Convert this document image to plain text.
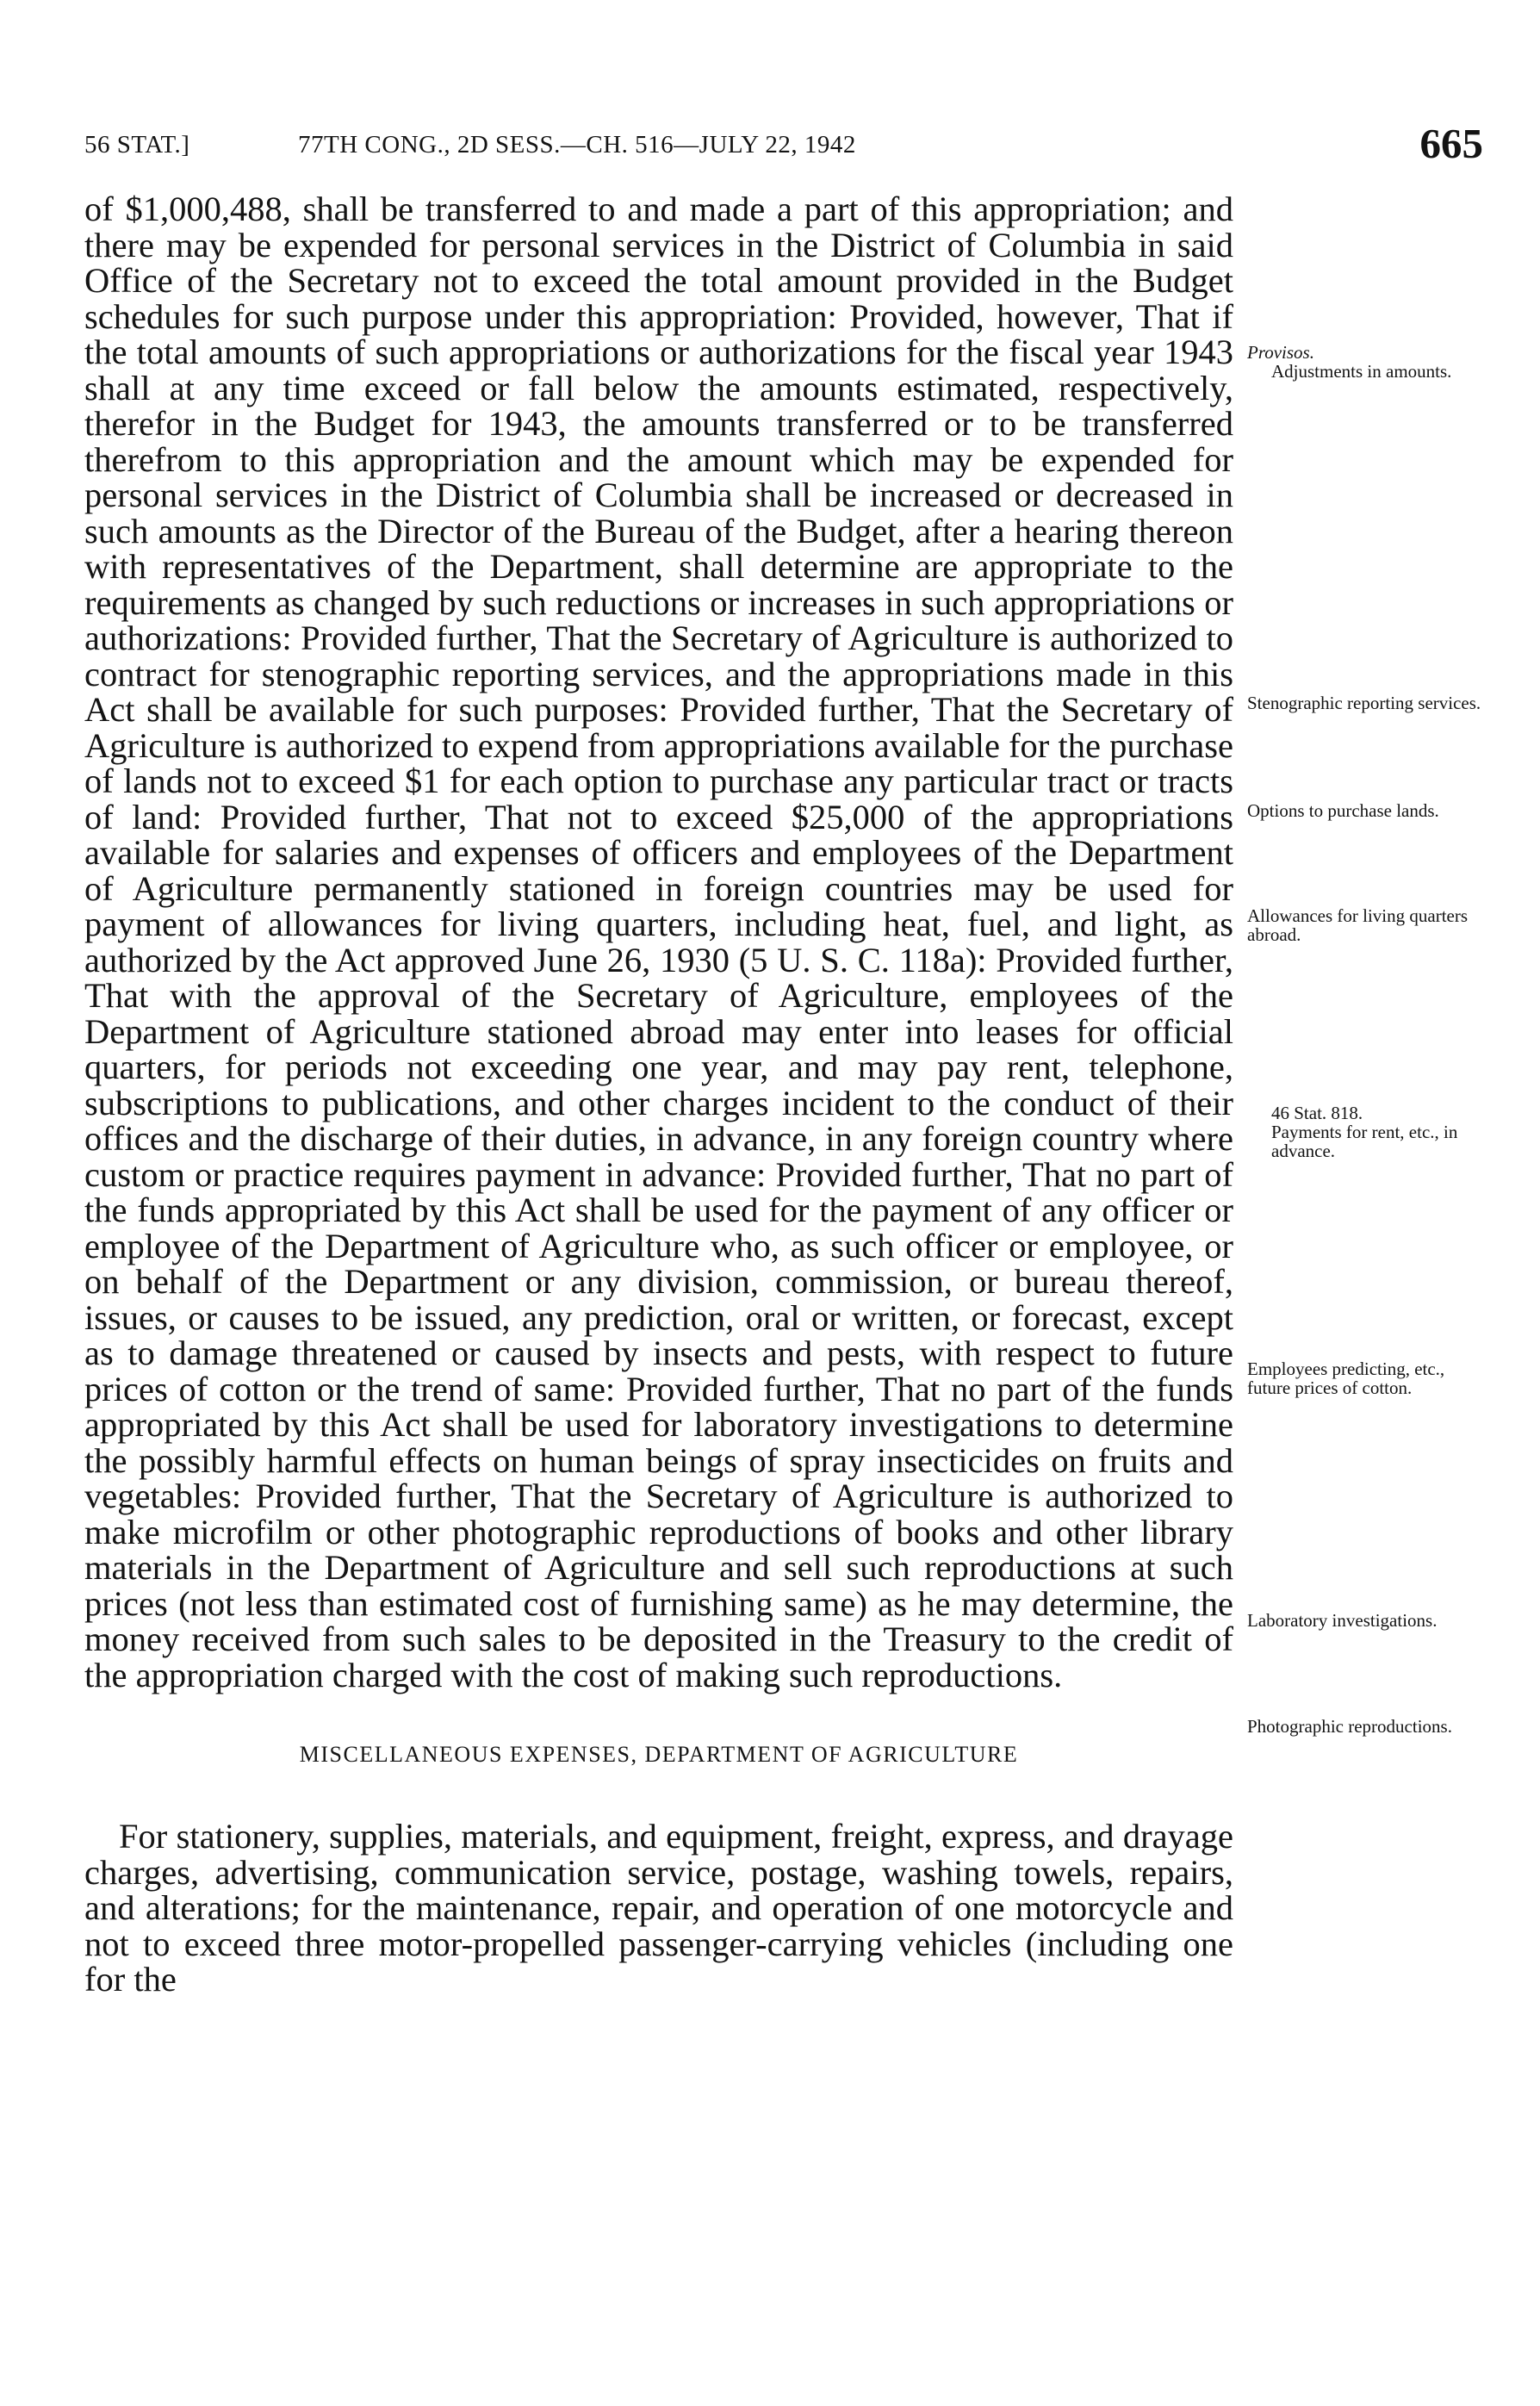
56 STAT.]	77TH CONG., 2D SESS.—CH. 516—JULY 22, 1942	665

of $1,000,488, shall be transferred to and made a part of this appropriation; and there may be expended for personal services in the District of Columbia in said Office of the Secretary not to exceed the total amount provided in the Budget schedules for such purpose under this appropriation: Provided, however, That if the total amounts of such appropriations or authorizations for the fiscal year 1943 shall at any time exceed or fall below the amounts estimated, respectively, therefor in the Budget for 1943, the amounts transferred or to be transferred therefrom to this appropriation and the amount which may be expended for personal services in the District of Columbia shall be increased or decreased in such amounts as the Director of the Bureau of the Budget, after a hearing thereon with representatives of the Department, shall determine are appropriate to the requirements as changed by such reductions or increases in such appropriations or authorizations: Provided further, That the Secretary of Agriculture is authorized to contract for stenographic reporting services, and the appropriations made in this Act shall be available for such purposes: Provided further, That the Secretary of Agriculture is authorized to expend from appropriations available for the purchase of lands not to exceed $1 for each option to purchase any particular tract or tracts of land: Provided further, That not to exceed $25,000 of the appropriations available for salaries and expenses of officers and employees of the Department of Agriculture permanently stationed in foreign countries may be used for payment of allowances for living quarters, including heat, fuel, and light, as authorized by the Act approved June 26, 1930 (5 U. S. C. 118a): Provided further, That with the approval of the Secretary of Agriculture, employees of the Department of Agriculture stationed abroad may enter into leases for official quarters, for periods not exceeding one year, and may pay rent, telephone, subscriptions to publications, and other charges incident to the conduct of their offices and the discharge of their duties, in advance, in any foreign country where custom or practice requires payment in advance: Provided further, That no part of the funds appropriated by this Act shall be used for the payment of any officer or employee of the Department of Agriculture who, as such officer or employee, or on behalf of the Department or any division, commission, or bureau thereof, issues, or causes to be issued, any prediction, oral or written, or forecast, except as to damage threatened or caused by insects and pests, with respect to future prices of cotton or the trend of same: Provided further, That no part of the funds appropriated by this Act shall be used for laboratory investigations to determine the possibly harmful effects on human beings of spray insecticides on fruits and vegetables: Provided further, That the Secretary of Agriculture is authorized to make microfilm or other photographic reproductions of books and other library materials in the Department of Agriculture and sell such reproductions at such prices (not less than estimated cost of furnishing same) as he may determine, the money received from such sales to be deposited in the Treasury to the credit of the appropriation charged with the cost of making such reproductions.

MISCELLANEOUS EXPENSES, DEPARTMENT OF AGRICULTURE

For stationery, supplies, materials, and equipment, freight, express, and drayage charges, advertising, communication service, postage, washing towels, repairs, and alterations; for the maintenance, repair, and operation of one motorcycle and not to exceed three motor-propelled passenger-carrying vehicles (including one for the

Provisos.
Adjustments in amounts.
Stenographic reporting services.
Options to purchase lands.
Allowances for living quarters abroad.
46 Stat. 818.
Payments for rent, etc., in advance.
Employees predicting, etc., future prices of cotton.
Laboratory investigations.
Photographic reproductions.
